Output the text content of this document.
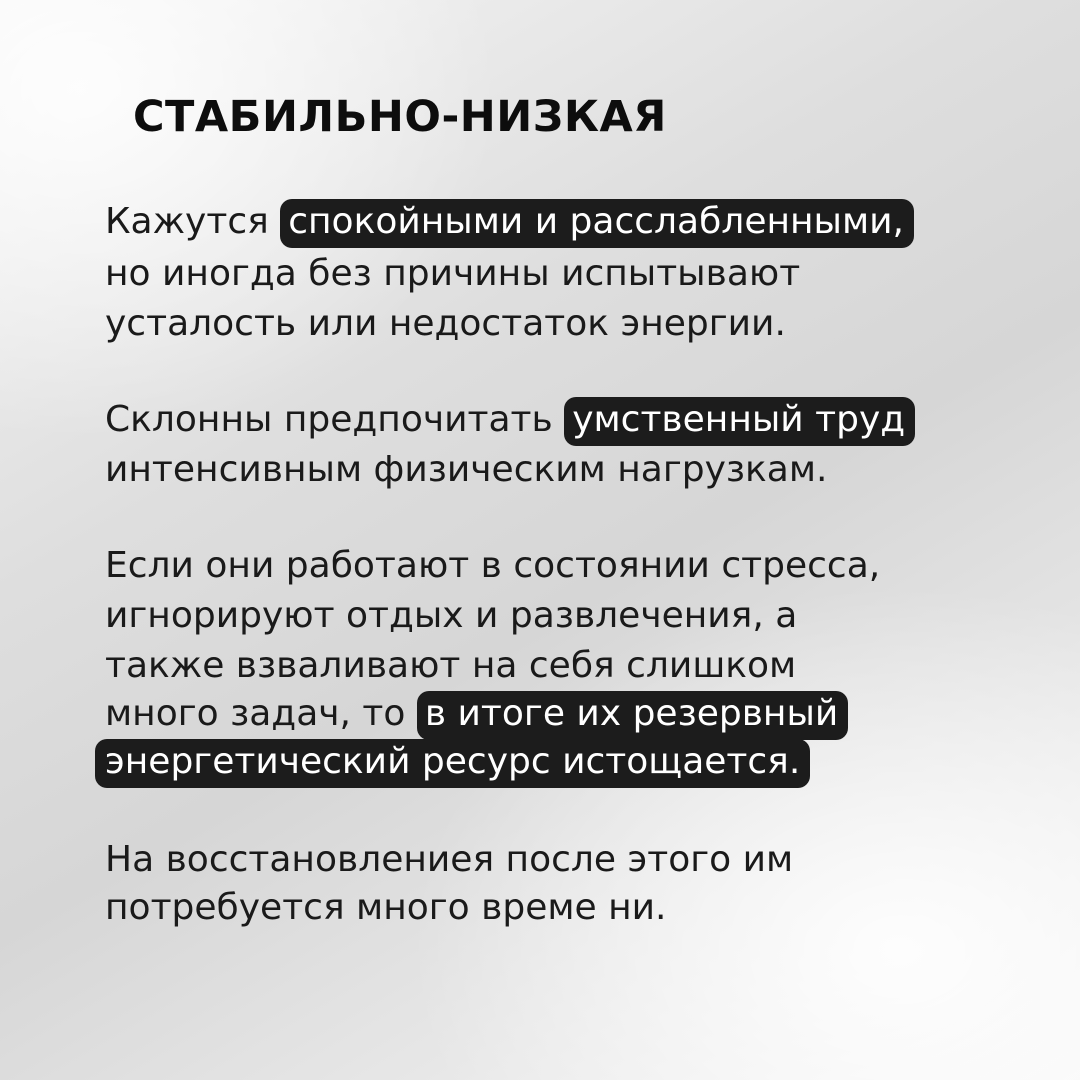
СТАБИЛЬНО-НИЗКАЯ

Кажутся спокойными и расслабленными,

но иногда без причины испытывают

усталость или недостаток энергии.

Склонны предпочитать умственный труд

интенсивным физическим нагрузкам.

Если они работают в состоянии стресса,

игнорируют отдых и развлечения, а

также взваливают на себя слишком

много задач, то в итоге их резервный

энергетический ресурс истощается.

На восстановлениея после этого им

потребуется много време ни.
